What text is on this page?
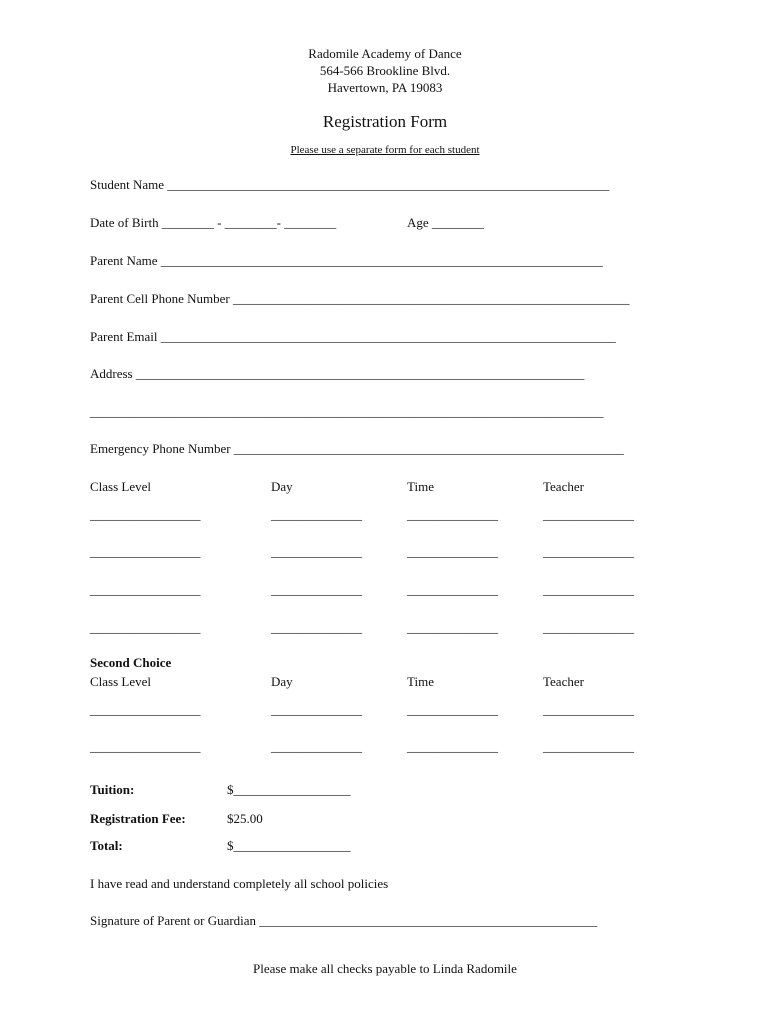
Radomile Academy of Dance
564-566 Brookline Blvd.
Havertown, PA 19083
Registration Form
Please use a separate form for each student
Student Name ____________________________________________________________________
Date of Birth ________ - ________- ________	Age ________
Parent Name ____________________________________________________________________
Parent Cell Phone Number _____________________________________________________________
Parent Email ______________________________________________________________________
Address _____________________________________________________________________
_______________________________________________________________________________
Emergency Phone Number ____________________________________________________________
Class Level	Day	Time	Teacher
_________________	______________	______________	______________
_________________	______________	______________	______________
_________________	______________	______________	______________
_________________	______________	______________	______________
Second Choice
Class Level	Day	Time	Teacher
_________________	______________	______________	______________
_________________	______________	______________	______________
Tuition:	$__________________
Registration Fee:	$25.00
Total:	$__________________
I have read and understand completely all school policies
Signature of Parent or Guardian ____________________________________________________
Please make all checks payable to Linda Radomile
